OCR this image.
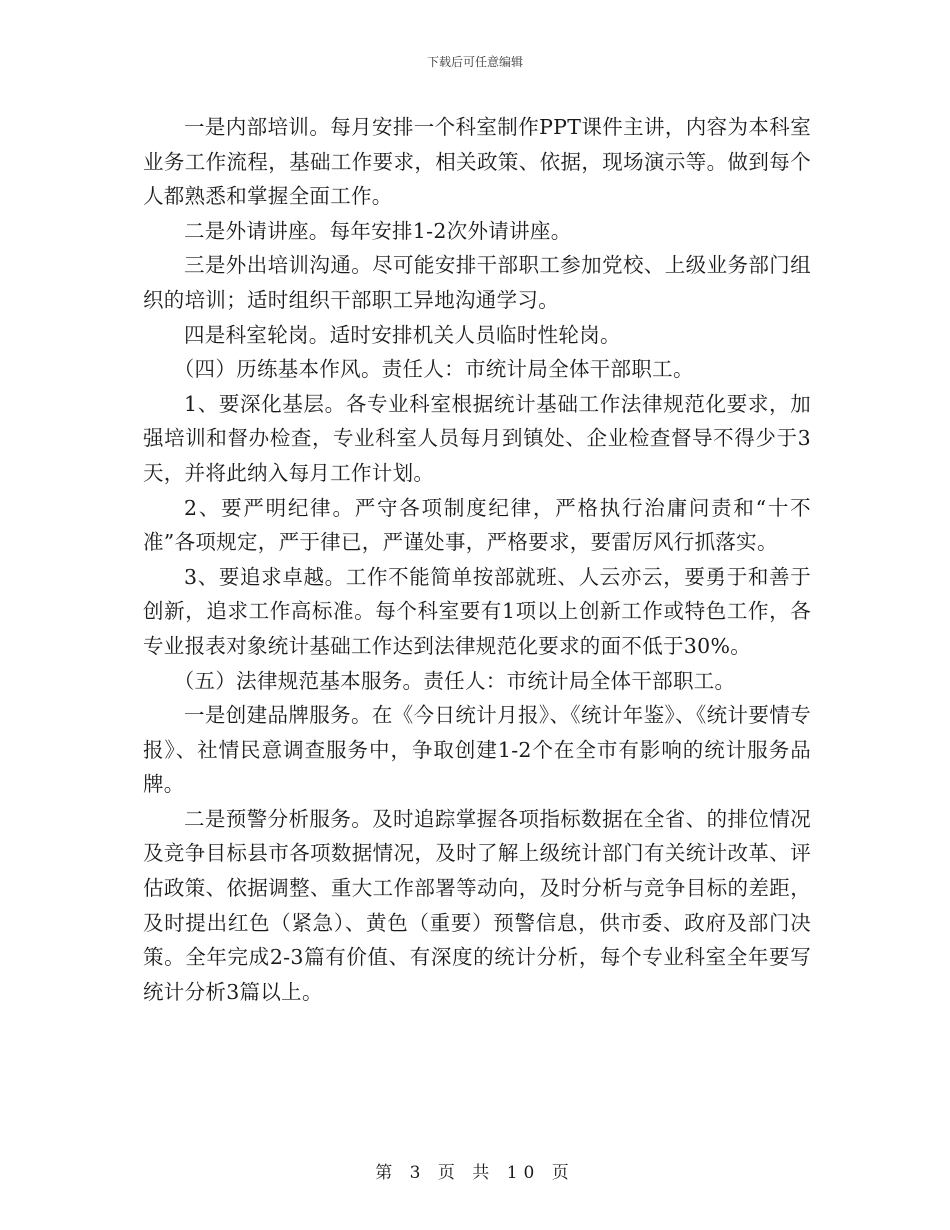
下载后可任意编辑

一是内部培训。每月安排一个科室制作PPT课件主讲，内容为本科室业务工作流程，基础工作要求，相关政策、依据，现场演示等。做到每个人都熟悉和掌握全面工作。

二是外请讲座。每年安排1-2次外请讲座。

三是外出培训沟通。尽可能安排干部职工参加党校、上级业务部门组织的培训；适时组织干部职工异地沟通学习。

四是科室轮岗。适时安排机关人员临时性轮岗。

（四）历练基本作风。责任人：市统计局全体干部职工。

1、要深化基层。各专业科室根据统计基础工作法律规范化要求，加强培训和督办检查，专业科室人员每月到镇处、企业检查督导不得少于3天，并将此纳入每月工作计划。

2、要严明纪律。严守各项制度纪律，严格执行治庸问责和“十不准”各项规定，严于律已，严谨处事，严格要求，要雷厉风行抓落实。

3、要追求卓越。工作不能简单按部就班、人云亦云，要勇于和善于创新，追求工作高标准。每个科室要有1项以上创新工作或特色工作，各专业报表对象统计基础工作达到法律规范化要求的面不低于30%。

（五）法律规范基本服务。责任人：市统计局全体干部职工。

一是创建品牌服务。在《今日统计月报》、《统计年鉴》、《统计要情专报》、社情民意调查服务中，争取创建1-2个在全市有影响的统计服务品牌。

二是预警分析服务。及时追踪掌握各项指标数据在全省、的排位情况及竞争目标县市各项数据情况，及时了解上级统计部门有关统计改革、评估政策、依据调整、重大工作部署等动向，及时分析与竞争目标的差距，及时提出红色（紧急）、黄色（重要）预警信息，供市委、政府及部门决策。全年完成2-3篇有价值、有深度的统计分析，每个专业科室全年要写统计分析3篇以上。

第 3 页 共 10 页
